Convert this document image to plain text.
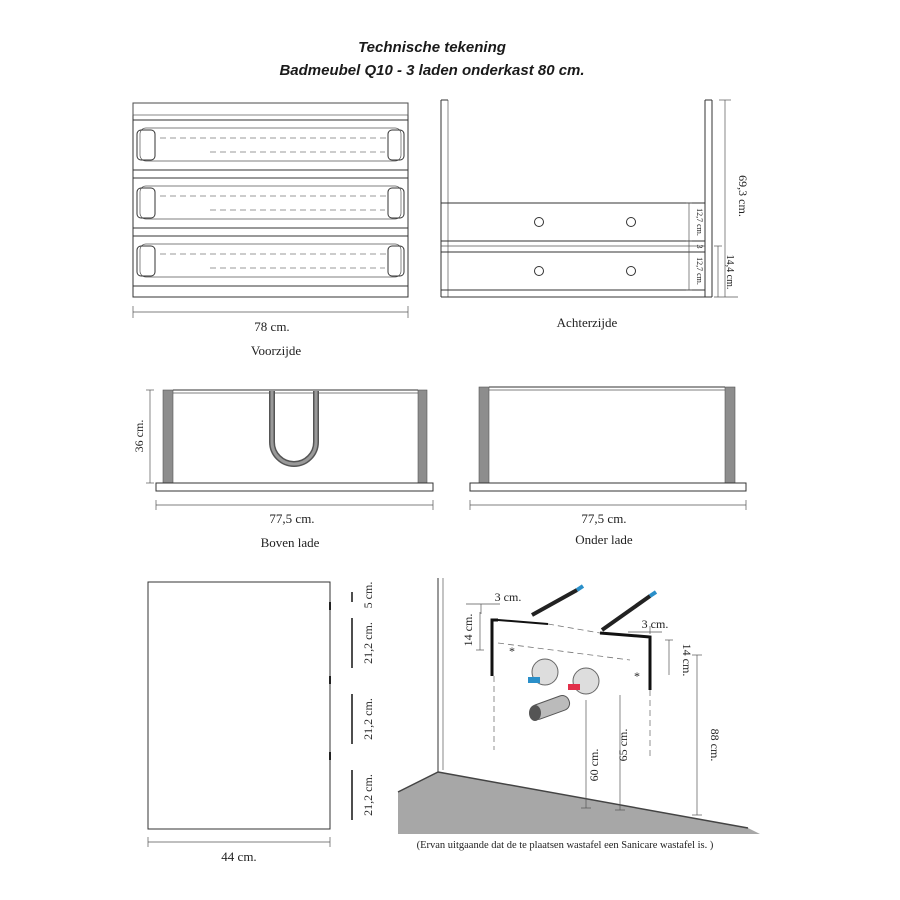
Technische tekening
Badmeubel Q10 - 3 laden onderkast 80 cm.
78 cm.
Voorzijde
69,3 cm.
12,7 cm.
3
12,7 cm. 14,4 cm.
Achterzijde
36 cm.
77,5 cm.
Boven lade
77,5 cm.
Onder lade
5 cm.
21,2 cm.
21,2 cm.
21,2 cm.
44 cm.
*
*
60 cm.
65 cm.	88 cm.
3 cm.
3 cm.
14 cm.
14 cm.
(Ervan uitgaande dat de te plaatsen wastafel een Sanicare wastafel is. )
